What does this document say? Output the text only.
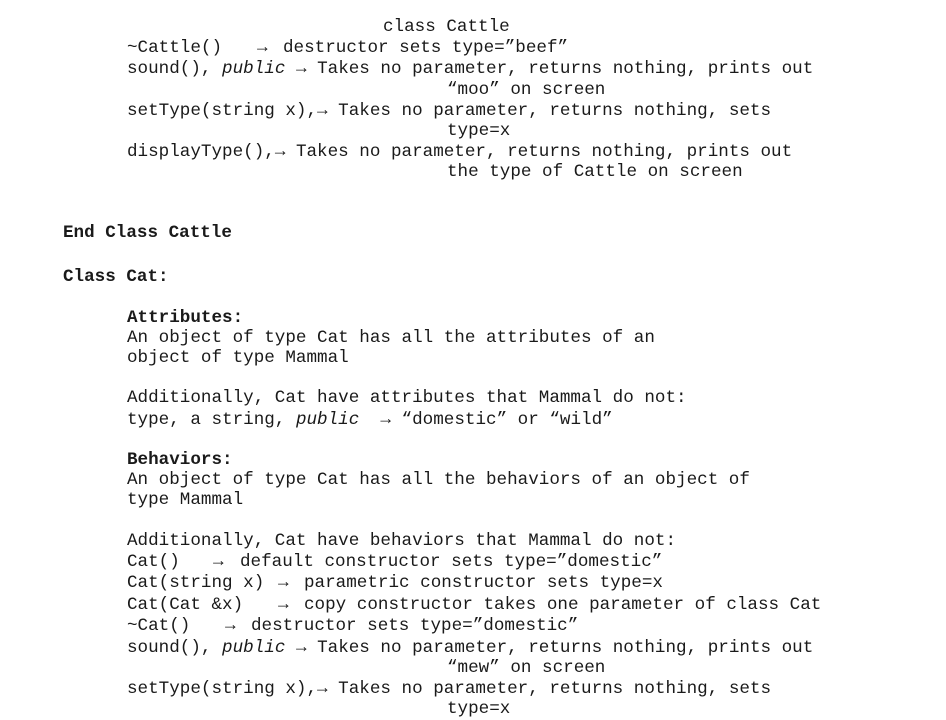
class Cattle
~Cattle() → destructor sets type=”beef”
sound(), public → Takes no parameter, returns nothing, prints out
“moo” on screen
setType(string x),→ Takes no parameter, returns nothing, sets
type=x
displayType(),→ Takes no parameter, returns nothing, prints out
the type of Cattle on screen
End Class Cattle
Class Cat:
Attributes:
An object of type Cat has all the attributes of an
object of type Mammal
Additionally, Cat have attributes that Mammal do not:
type, a string, public → “domestic” or “wild”
Behaviors:
An object of type Cat has all the behaviors of an object of
type Mammal
Additionally, Cat have behaviors that Mammal do not:
Cat() → default constructor sets type=”domestic”
Cat(string x) → parametric constructor sets type=x
Cat(Cat &x) → copy constructor takes one parameter of class Cat
~Cat() → destructor sets type=”domestic”
sound(), public → Takes no parameter, returns nothing, prints out
“mew” on screen
setType(string x),→ Takes no parameter, returns nothing, sets
type=x
